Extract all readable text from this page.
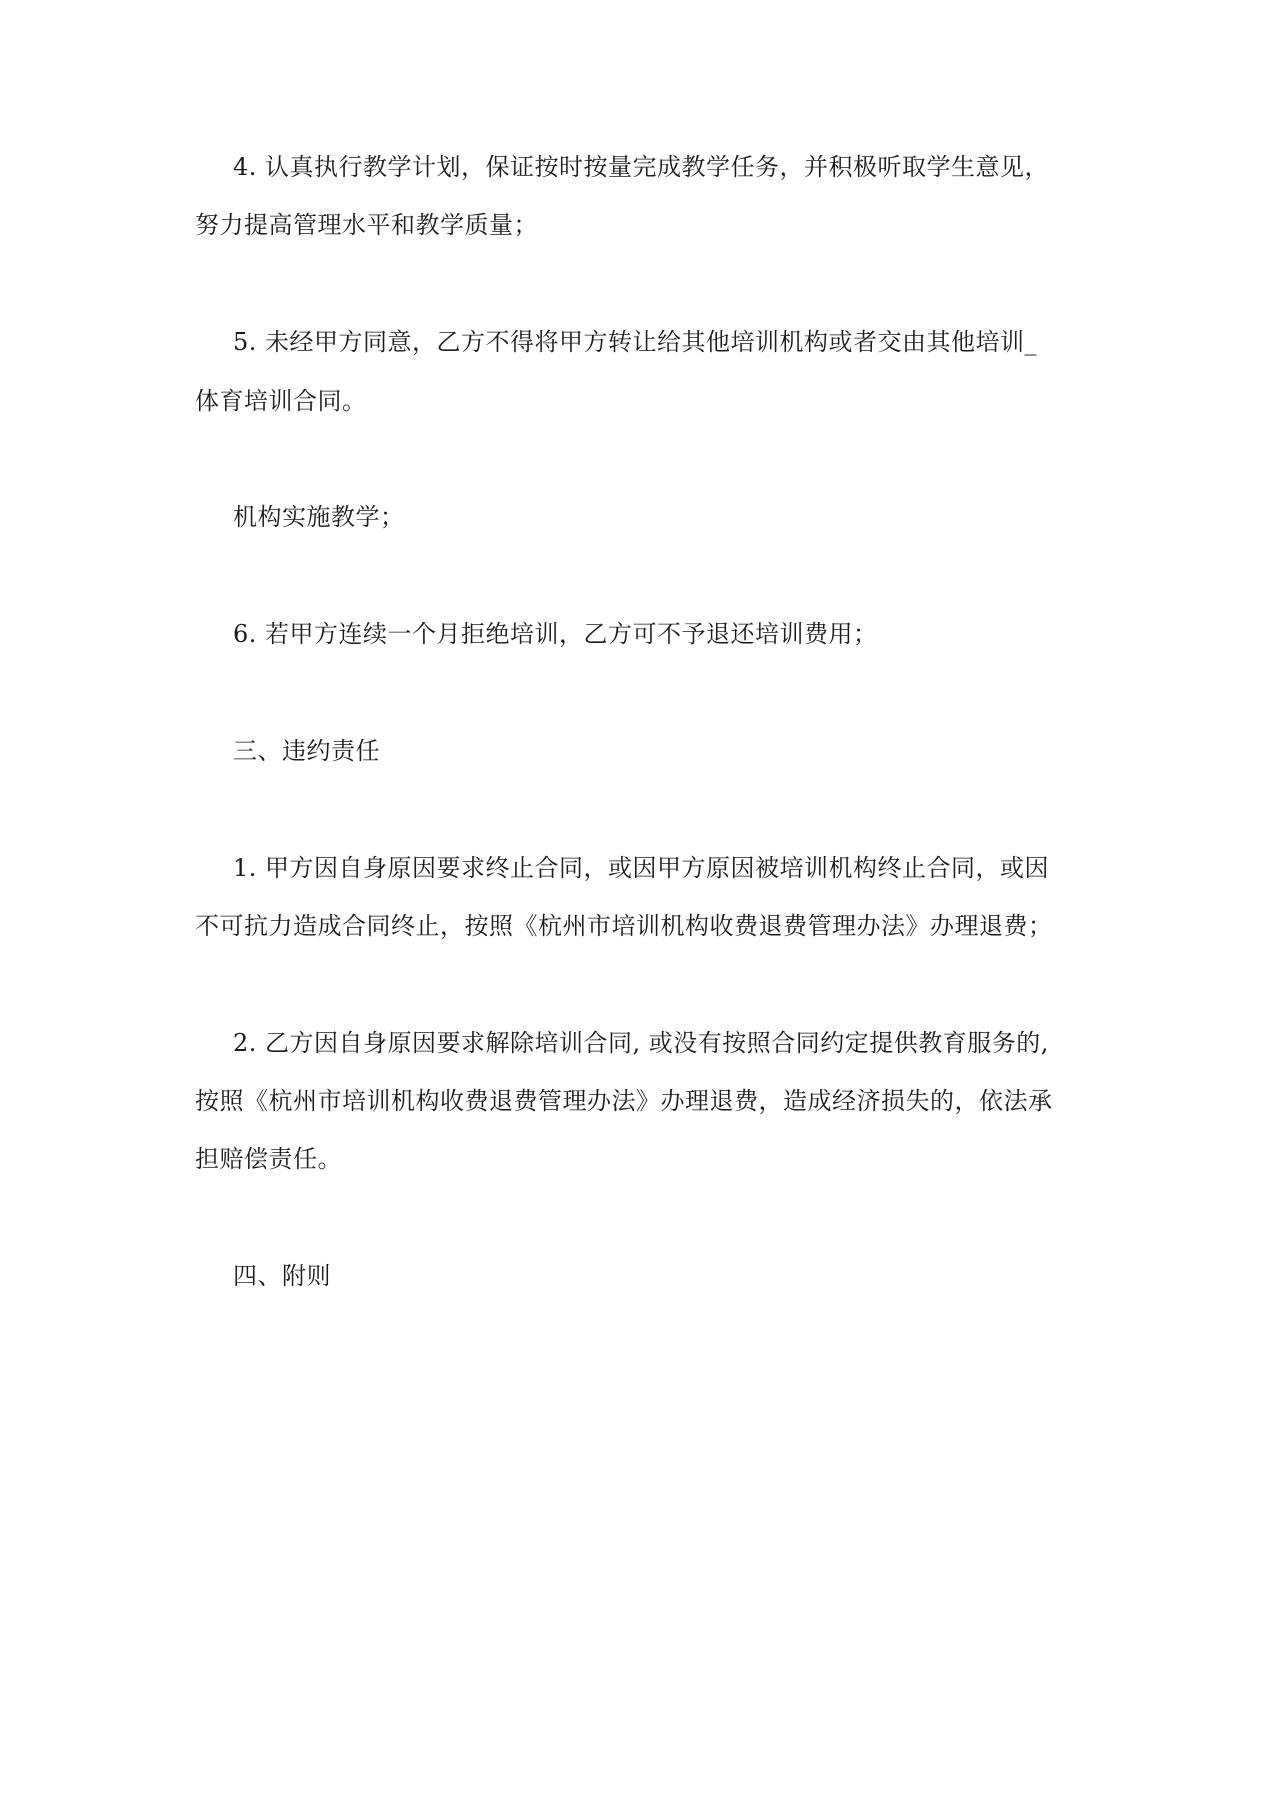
4. 认真执行教学计划，保证按时按量完成教学任务，并积极听取学生意见，
努力提高管理水平和教学质量；
5. 未经甲方同意，乙方不得将甲方转让给其他培训机构或者交由其他培训_
体育培训合同。
机构实施教学；
6. 若甲方连续一个月拒绝培训，乙方可不予退还培训费用；
三、违约责任
1. 甲方因自身原因要求终止合同，或因甲方原因被培训机构终止合同，或因
不可抗力造成合同终止，按照《杭州市培训机构收费退费管理办法》办理退费；
2. 乙方因自身原因要求解除培训合同, 或没有按照合同约定提供教育服务的,
按照《杭州市培训机构收费退费管理办法》办理退费，造成经济损失的，依法承
担赔偿责任。
四、附则
